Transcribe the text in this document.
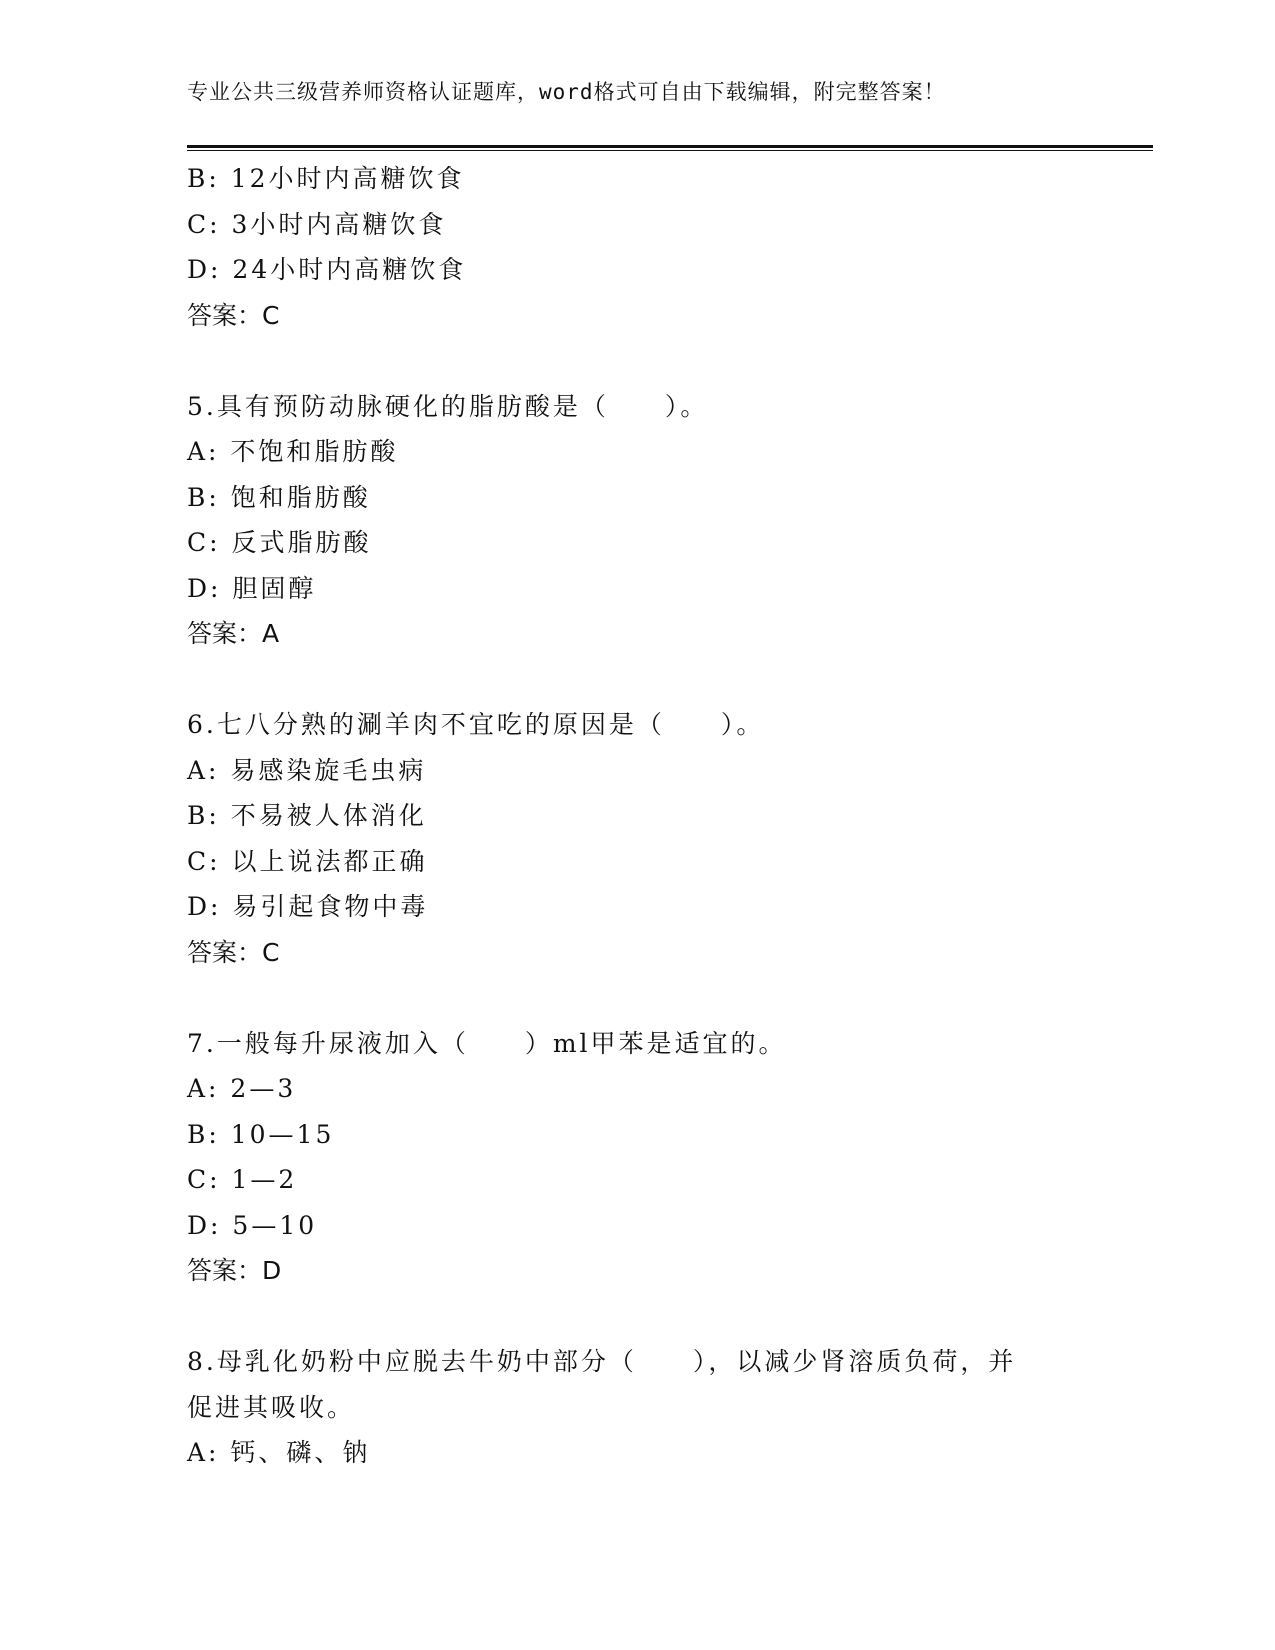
专业公共三级营养师资格认证题库，word格式可自由下载编辑，附完整答案！
B: 12小时内高糖饮食
C: 3小时内高糖饮食
D: 24小时内高糖饮食
答案：C
5.具有预防动脉硬化的脂肪酸是（　　）。
A: 不饱和脂肪酸
B: 饱和脂肪酸
C: 反式脂肪酸
D: 胆固醇
答案：A
6.七八分熟的涮羊肉不宜吃的原因是（　　）。
A: 易感染旋毛虫病
B: 不易被人体消化
C: 以上说法都正确
D: 易引起食物中毒
答案：C
7.一般每升尿液加入（　　）ml甲苯是适宜的。
A: 2—3
B: 10—15
C: 1—2
D: 5—10
答案：D
8.母乳化奶粉中应脱去牛奶中部分（　　），以减少肾溶质负荷，并
促进其吸收。
A: 钙、磷、钠
